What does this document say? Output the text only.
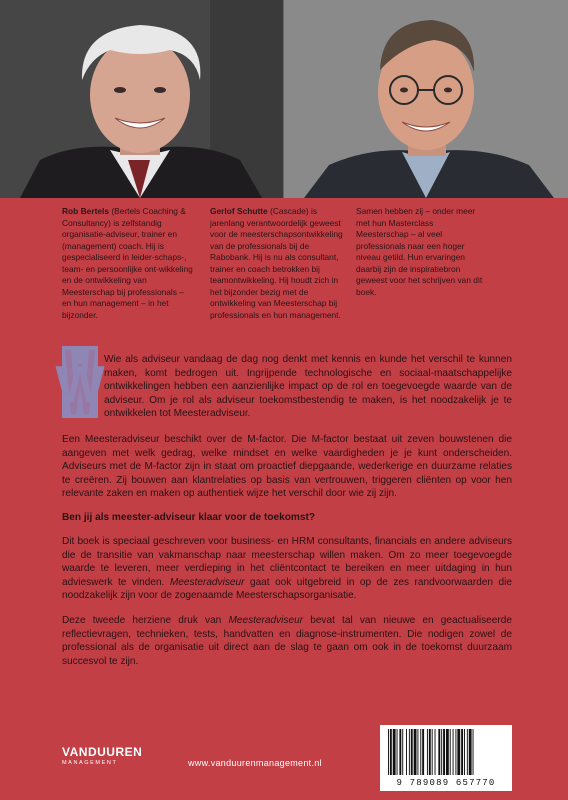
Rob Bertels (Bertels Coaching & Consultancy) is zelfstandig organisatie-adviseur, trainer en (management) coach. Hij is gespecialiseerd in leider-schaps-, team- en persoonlijke ont-wikkeling en de ontwikkeling van Meesterschap bij professionals – en hun management – in het bijzonder.
Gerlof Schutte (Cascade) is jarenlang verantwoordelijk geweest voor de meesterschapsontwikkeling van de professionals bij de Rabobank. Hij is nu als consultant, trainer en coach betrokken bij teamontwikkeling. Hij houdt zich in het bijzonder bezig met de ontwikkeling van Meesterschap bij professionals en hun management.
Samen hebben zij – onder meer met hun Masterclass Meesterschap – al veel professionals naar een hoger niveau getild. Hun ervaringen daarbij zijn de inspiratiebron geweest voor het schrijven van dit boek.
W Wie als adviseur vandaag de dag nog denkt met kennis en kunde het verschil te kunnen maken, komt bedrogen uit. Ingrijpende technologische en sociaal-maatschappelijke ontwikkelingen hebben een aanzienlijke impact op de rol en toegevoegde waarde van de adviseur. Om je rol als adviseur toekomstbestendig te maken, is het noodzakelijk je te ontwikkelen tot Meesteradviseur.
Een Meesteradviseur beschikt over de M-factor. Die M-factor bestaat uit zeven bouwstenen die aangeven met welk gedrag, welke mindset en welke vaardigheden je je kunt onderscheiden. Adviseurs met de M-factor zijn in staat om proactief diepgaande, wederkerige en duurzame relaties te creëren. Zij bouwen aan klantrelaties op basis van vertrouwen, triggeren cliënten op voor hen relevante zaken en maken op authentiek wijze het verschil door wie zij zijn.
Ben jij als meester-adviseur klaar voor de toekomst?
Dit boek is speciaal geschreven voor business- en HRM consultants, financials en andere adviseurs die de transitie van vakmanschap naar meesterschap willen maken. Om zo meer toegevoegde waarde te leveren, meer verdieping in het cliëntcontact te bereiken en meer uitdaging in hun advieswerk te vinden. Meesteradviseur gaat ook uitgebreid in op de zes randvoorwaarden die noodzakelijk zijn voor de zogenaamde Meesterschapsorganisatie.
Deze tweede herziene druk van Meesteradviseur bevat tal van nieuwe en geactualiseerde reflectievragen, technieken, tests, handvatten en diagnose-instrumenten. Die nodigen zowel de professional als de organisatie uit direct aan de slag te gaan om ook in de toekomst duurzaam succesvol te zijn.
VANDUUREN
MANAGEMENT	www.vanduurenmanagement.nl
9 789089 657770
